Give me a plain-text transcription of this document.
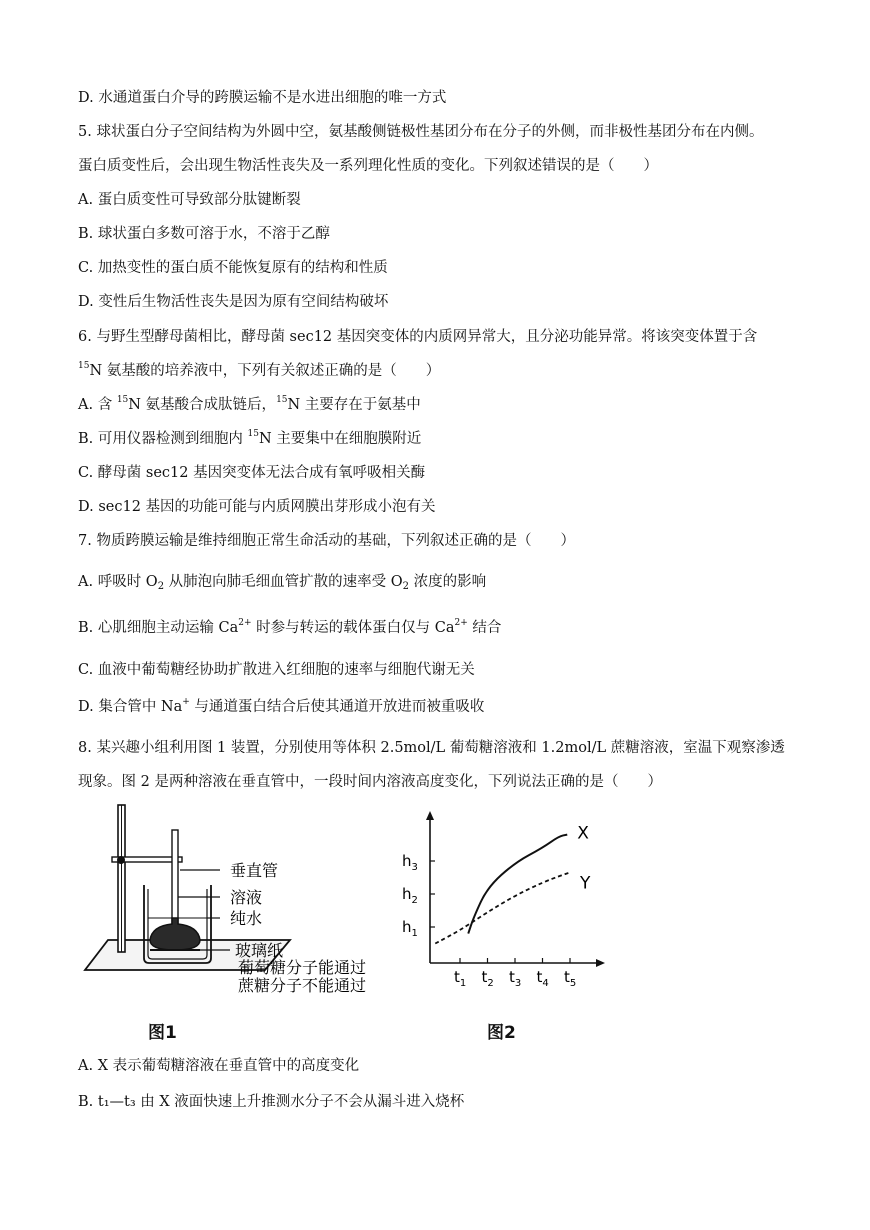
D. 水通道蛋白介导的跨膜运输不是水进出细胞的唯一方式
5. 球状蛋白分子空间结构为外圆中空，氨基酸侧链极性基团分布在分子的外侧，而非极性基团分布在内侧。
蛋白质变性后，会出现生物活性丧失及一系列理化性质的变化。下列叙述错误的是（　　）
A. 蛋白质变性可导致部分肽键断裂
B. 球状蛋白多数可溶于水，不溶于乙醇
C. 加热变性的蛋白质不能恢复原有的结构和性质
D. 变性后生物活性丧失是因为原有空间结构破坏
6. 与野生型酵母菌相比，酵母菌 sec12 基因突变体的内质网异常大，且分泌功能异常。将该突变体置于含
$^{15}$N 氨基酸的培养液中，下列有关叙述正确的是（　　）
A. 含 $^{15}$N 氨基酸合成肽链后，$^{15}$N 主要存在于氨基中
B. 可用仪器检测到细胞内 $^{15}$N 主要集中在细胞膜附近
C. 酵母菌 sec12 基因突变体无法合成有氧呼吸相关酶
D. sec12 基因的功能可能与内质网膜出芽形成小泡有关
7. 物质跨膜运输是维持细胞正常生命活动的基础，下列叙述正确的是（　　）
A. 呼吸时 $O_2$ 从肺泡向肺毛细血管扩散的速率受 $O_2$ 浓度的影响
B. 心肌细胞主动运输 $Ca^{2+}$ 时参与转运的载体蛋白仅与 $Ca^{2+}$ 结合
C. 血液中葡萄糖经协助扩散进入红细胞的速率与细胞代谢无关
D. 集合管中 Na+ 与通道蛋白结合后使其通道开放进而被重吸收
8. 某兴趣小组利用图 1 装置，分别使用等体积 2.5mol/L 葡萄糖溶液和 1.2mol/L 蔗糖溶液，室温下观察渗透
现象。图 2 是两种溶液在垂直管中，一段时间内溶液高度变化，下列说法正确的是（　　）
垂直管
溶液
纯水
玻璃纸
葡萄糖分子能通过
蔗糖分子不能通过
图1
$t_1$ $t_2$ $t_3$ $t_4$ $t_5$
$h_1$
$h_2$
$h_3$
X
Y
图2
A. X 表示葡萄糖溶液在垂直管中的高度变化
B. t₁—t₃ 由 X 液面快速上升推测水分子不会从漏斗进入烧杯
